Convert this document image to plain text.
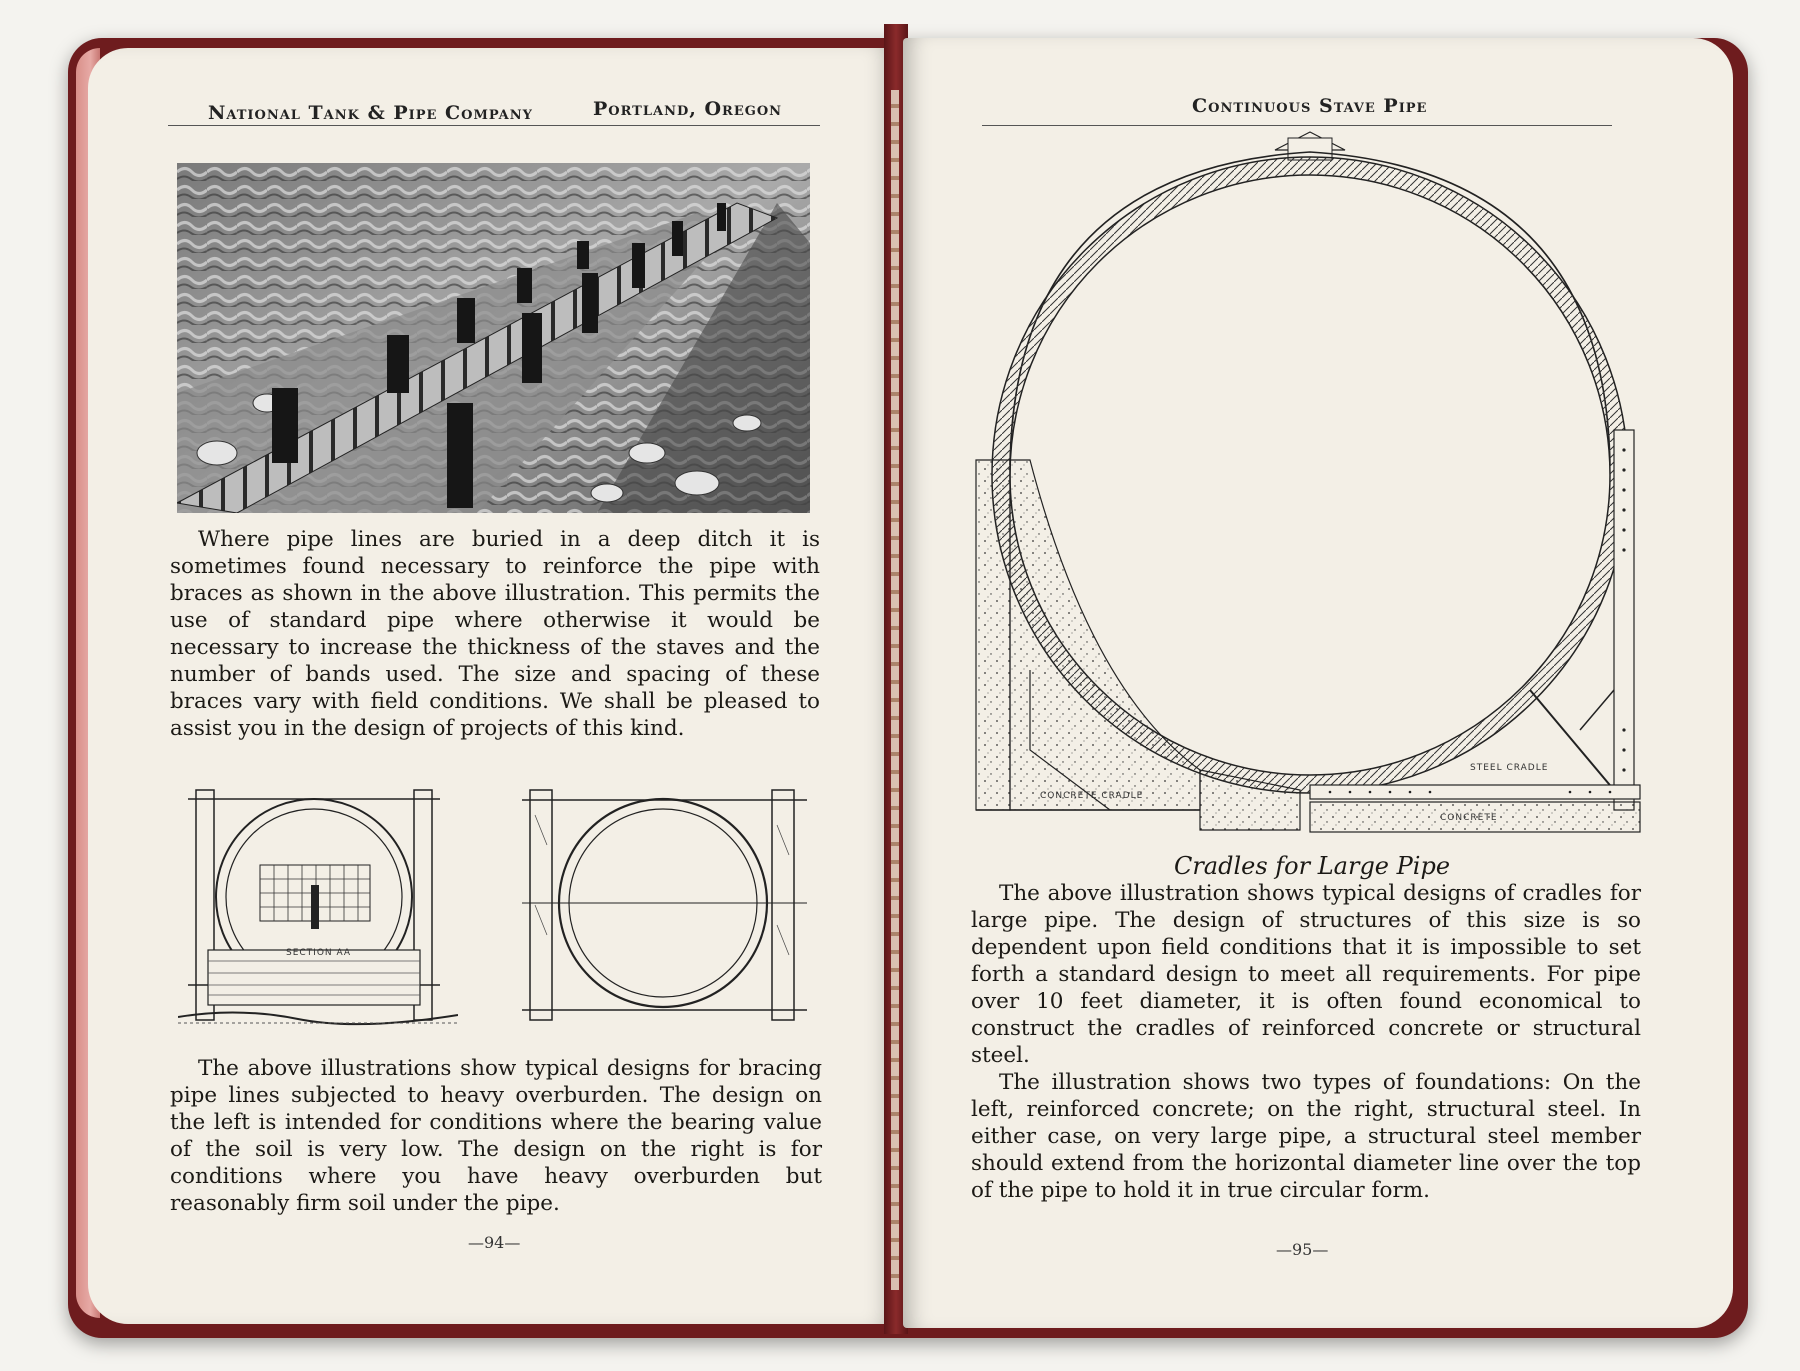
National Tank & Pipe Company	Portland, Oregon

Where pipe lines are buried in a deep ditch it is sometimes found necessary to reinforce the pipe with braces as shown in the above illustration. This permits the use of standard pipe where otherwise it would be necessary to increase the thickness of the staves and the number of bands used. The size and spacing of these braces vary with field conditions. We shall be pleased to assist you in the design of projects of this kind.

SECTION AA

The above illustrations show typical designs for bracing pipe lines subjected to heavy overburden. The design on the left is intended for conditions where the bearing value of the soil is very low. The design on the right is for conditions where you have heavy overburden but reasonably firm soil under the pipe.

—94—
Continuous Stave Pipe
CONCRETE CRADLE
STEEL CRADLE
CONCRETE
Cradles for Large Pipe

The above illustration shows typical designs of cradles for large pipe. The design of structures of this size is so dependent upon field conditions that it is impossible to set forth a standard design to meet all requirements. For pipe over 10 feet diameter, it is often found economical to construct the cradles of reinforced concrete or structural steel.

The illustration shows two types of foundations: On the left, reinforced concrete; on the right, structural steel. In either case, on very large pipe, a structural steel member should extend from the horizontal diameter line over the top of the pipe to hold it in true circular form.

—95—
